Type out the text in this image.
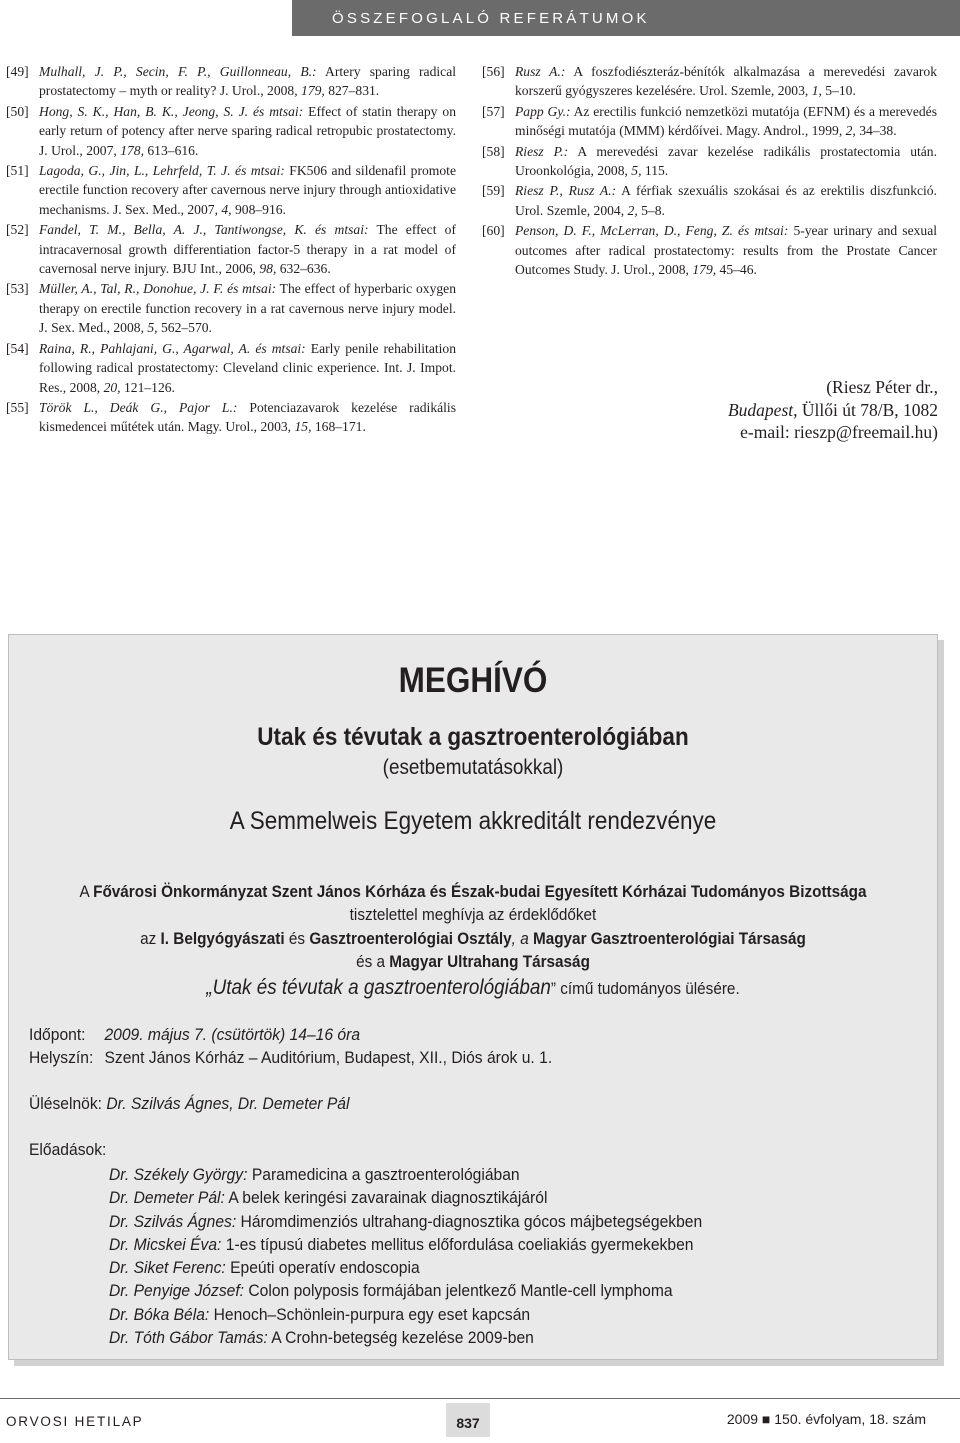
ÖSSZEFOGLALÓ REFERÁTUMOK
[49] Mulhall, J. P., Secin, F. P., Guillonneau, B.: Artery sparing radical prostatectomy – myth or reality? J. Urol., 2008, 179, 827–831.
[50] Hong, S. K., Han, B. K., Jeong, S. J. és mtsai: Effect of statin therapy on early return of potency after nerve sparing radical retropubic prostatectomy. J. Urol., 2007, 178, 613–616.
[51] Lagoda, G., Jin, L., Lehrfeld, T. J. és mtsai: FK506 and sildenafil promote erectile function recovery after cavernous nerve injury through antioxidative mechanisms. J. Sex. Med., 2007, 4, 908–916.
[52] Fandel, T. M., Bella, A. J., Tantiwongse, K. és mtsai: The effect of intracavernosal growth differentiation factor-5 therapy in a rat model of cavernosal nerve injury. BJU Int., 2006, 98, 632–636.
[53] Müller, A., Tal, R., Donohue, J. F. és mtsai: The effect of hyperbaric oxygen therapy on erectile function recovery in a rat cavernous nerve injury model. J. Sex. Med., 2008, 5, 562–570.
[54] Raina, R., Pahlajani, G., Agarwal, A. és mtsai: Early penile rehabilitation following radical prostatectomy: Cleveland clinic experience. Int. J. Impot. Res., 2008, 20, 121–126.
[55] Török L., Deák G., Pajor L.: Potenciazavarok kezelése radikális kismedencei műtétek után. Magy. Urol., 2003, 15, 168–171.
[56] Rusz A.: A foszfodiészteráz-bénítók alkalmazása a merevedési zavarok korszerű gyógyszeres kezelésére. Urol. Szemle, 2003, 1, 5–10.
[57] Papp Gy.: Az erectilis funkció nemzetközi mutatója (EFNM) és a merevedés minőségi mutatója (MMM) kérdőívei. Magy. Androl., 1999, 2, 34–38.
[58] Riesz P.: A merevedési zavar kezelése radikális prostatectomia után. Uroonkológia, 2008, 5, 115.
[59] Riesz P., Rusz A.: A férfiak szexuális szokásai és az erektilis diszfunkció. Urol. Szemle, 2004, 2, 5–8.
[60] Penson, D. F., McLerran, D., Feng, Z. és mtsai: 5-year urinary and sexual outcomes after radical prostatectomy: results from the Prostate Cancer Outcomes Study. J. Urol., 2008, 179, 45–46.
(Riesz Péter dr.,
Budapest, Üllői út 78/B, 1082
e-mail: rieszp@freemail.hu)
MEGHÍVÓ
Utak és tévutak a gasztroenterológiában
(esetbemutatásokkal)
A Semmelweis Egyetem akkreditált rendezvénye
A Fővárosi Önkormányzat Szent János Kórháza és Észak-budai Egyesített Kórházai Tudományos Bizottsága
tisztelettel meghívja az érdeklődőket
az I. Belgyógyászati és Gasztroenterológiai Osztály, a Magyar Gasztroenterológiai Társaság
és a Magyar Ultrahang Társaság
„Utak és tévutak a gasztroenterológiában” című tudományos ülésére.
Időpont: 2009. május 7. (csütörtök) 14–16 óra
Helyszín: Szent János Kórház – Auditórium, Budapest, XII., Diós árok u. 1.
Üléselnök: Dr. Szilvás Ágnes, Dr. Demeter Pál
Előadások:
Dr. Székely György: Paramedicina a gasztroenterológiában
Dr. Demeter Pál: A belek keringési zavarainak diagnosztikájáról
Dr. Szilvás Ágnes: Háromdimenziós ultrahang-diagnosztika gócos májbetegségekben
Dr. Micskei Éva: 1-es típusú diabetes mellitus előfordulása coeliakiás gyermekekben
Dr. Siket Ferenc: Epeúti operatív endoscopia
Dr. Penyige József: Colon polyposis formájában jelentkező Mantle-cell lymphoma
Dr. Bóka Béla: Henoch–Schönlein-purpura egy eset kapcsán
Dr. Tóth Gábor Tamás: A Crohn-betegség kezelése 2009-ben
ORVOSI HETILAP	837	2009 ■ 150. évfolyam, 18. szám
